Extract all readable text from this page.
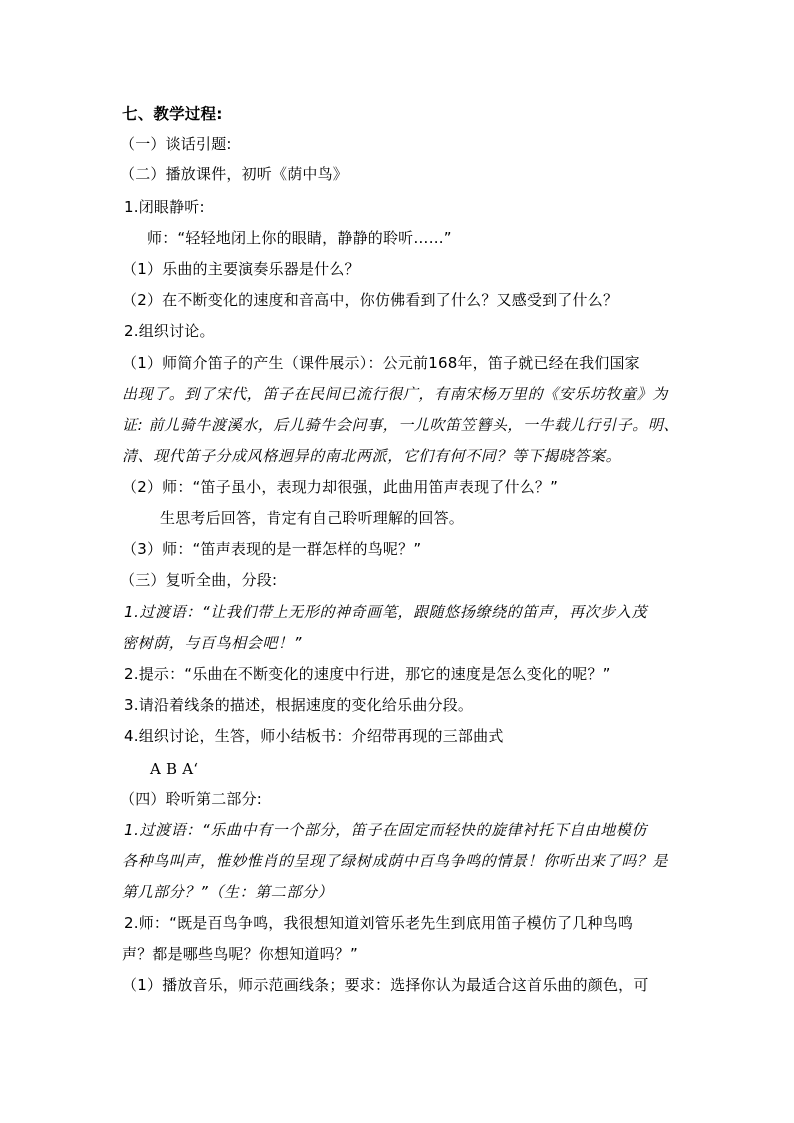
七、教学过程:
（一）谈话引题:
（二）播放课件，初听《荫中鸟》
1.闭眼静听:
师：“轻轻地闭上你的眼睛，静静的聆听……”
（1）乐曲的主要演奏乐器是什么？
（2）在不断变化的速度和音高中，你仿佛看到了什么？又感受到了什么？
2.组织讨论。
（1）师简介笛子的产生（课件展示）：公元前168年，笛子就已经在我们国家
出现了。到了宋代，笛子在民间已流行很广，有南宋杨万里的《安乐坊牧童》为
证: 前儿骑牛渡溪水，后儿骑牛会问事，一儿吹笛笠簪头，一牛载儿行引子。明、
清、现代笛子分成风格迥异的南北两派，它们有何不同？等下揭晓答案。
（2）师：“笛子虽小，表现力却很强，此曲用笛声表现了什么？”
生思考后回答，肯定有自己聆听理解的回答。
（3）师：“笛声表现的是一群怎样的鸟呢？”
（三）复听全曲，分段:
1.过渡语：“让我们带上无形的神奇画笔，跟随悠扬缭绕的笛声，再次步入茂
密树荫，与百鸟相会吧！”
2.提示：“乐曲在不断变化的速度中行进，那它的速度是怎么变化的呢？”
3.请沿着线条的描述，根据速度的变化给乐曲分段。
4.组织讨论，生答，师小结板书：介绍带再现的三部曲式
A B A‘
（四）聆听第二部分:
1.过渡语：“乐曲中有一个部分，笛子在固定而轻快的旋律衬托下自由地模仿
各种鸟叫声，惟妙惟肖的呈现了绿树成荫中百鸟争鸣的情景！你听出来了吗？是
第几部分？”（生：第二部分）
2.师：“既是百鸟争鸣，我很想知道刘管乐老先生到底用笛子模仿了几种鸟鸣
声？都是哪些鸟呢？你想知道吗？”
（1）播放音乐，师示范画线条；要求：选择你认为最适合这首乐曲的颜色，可
